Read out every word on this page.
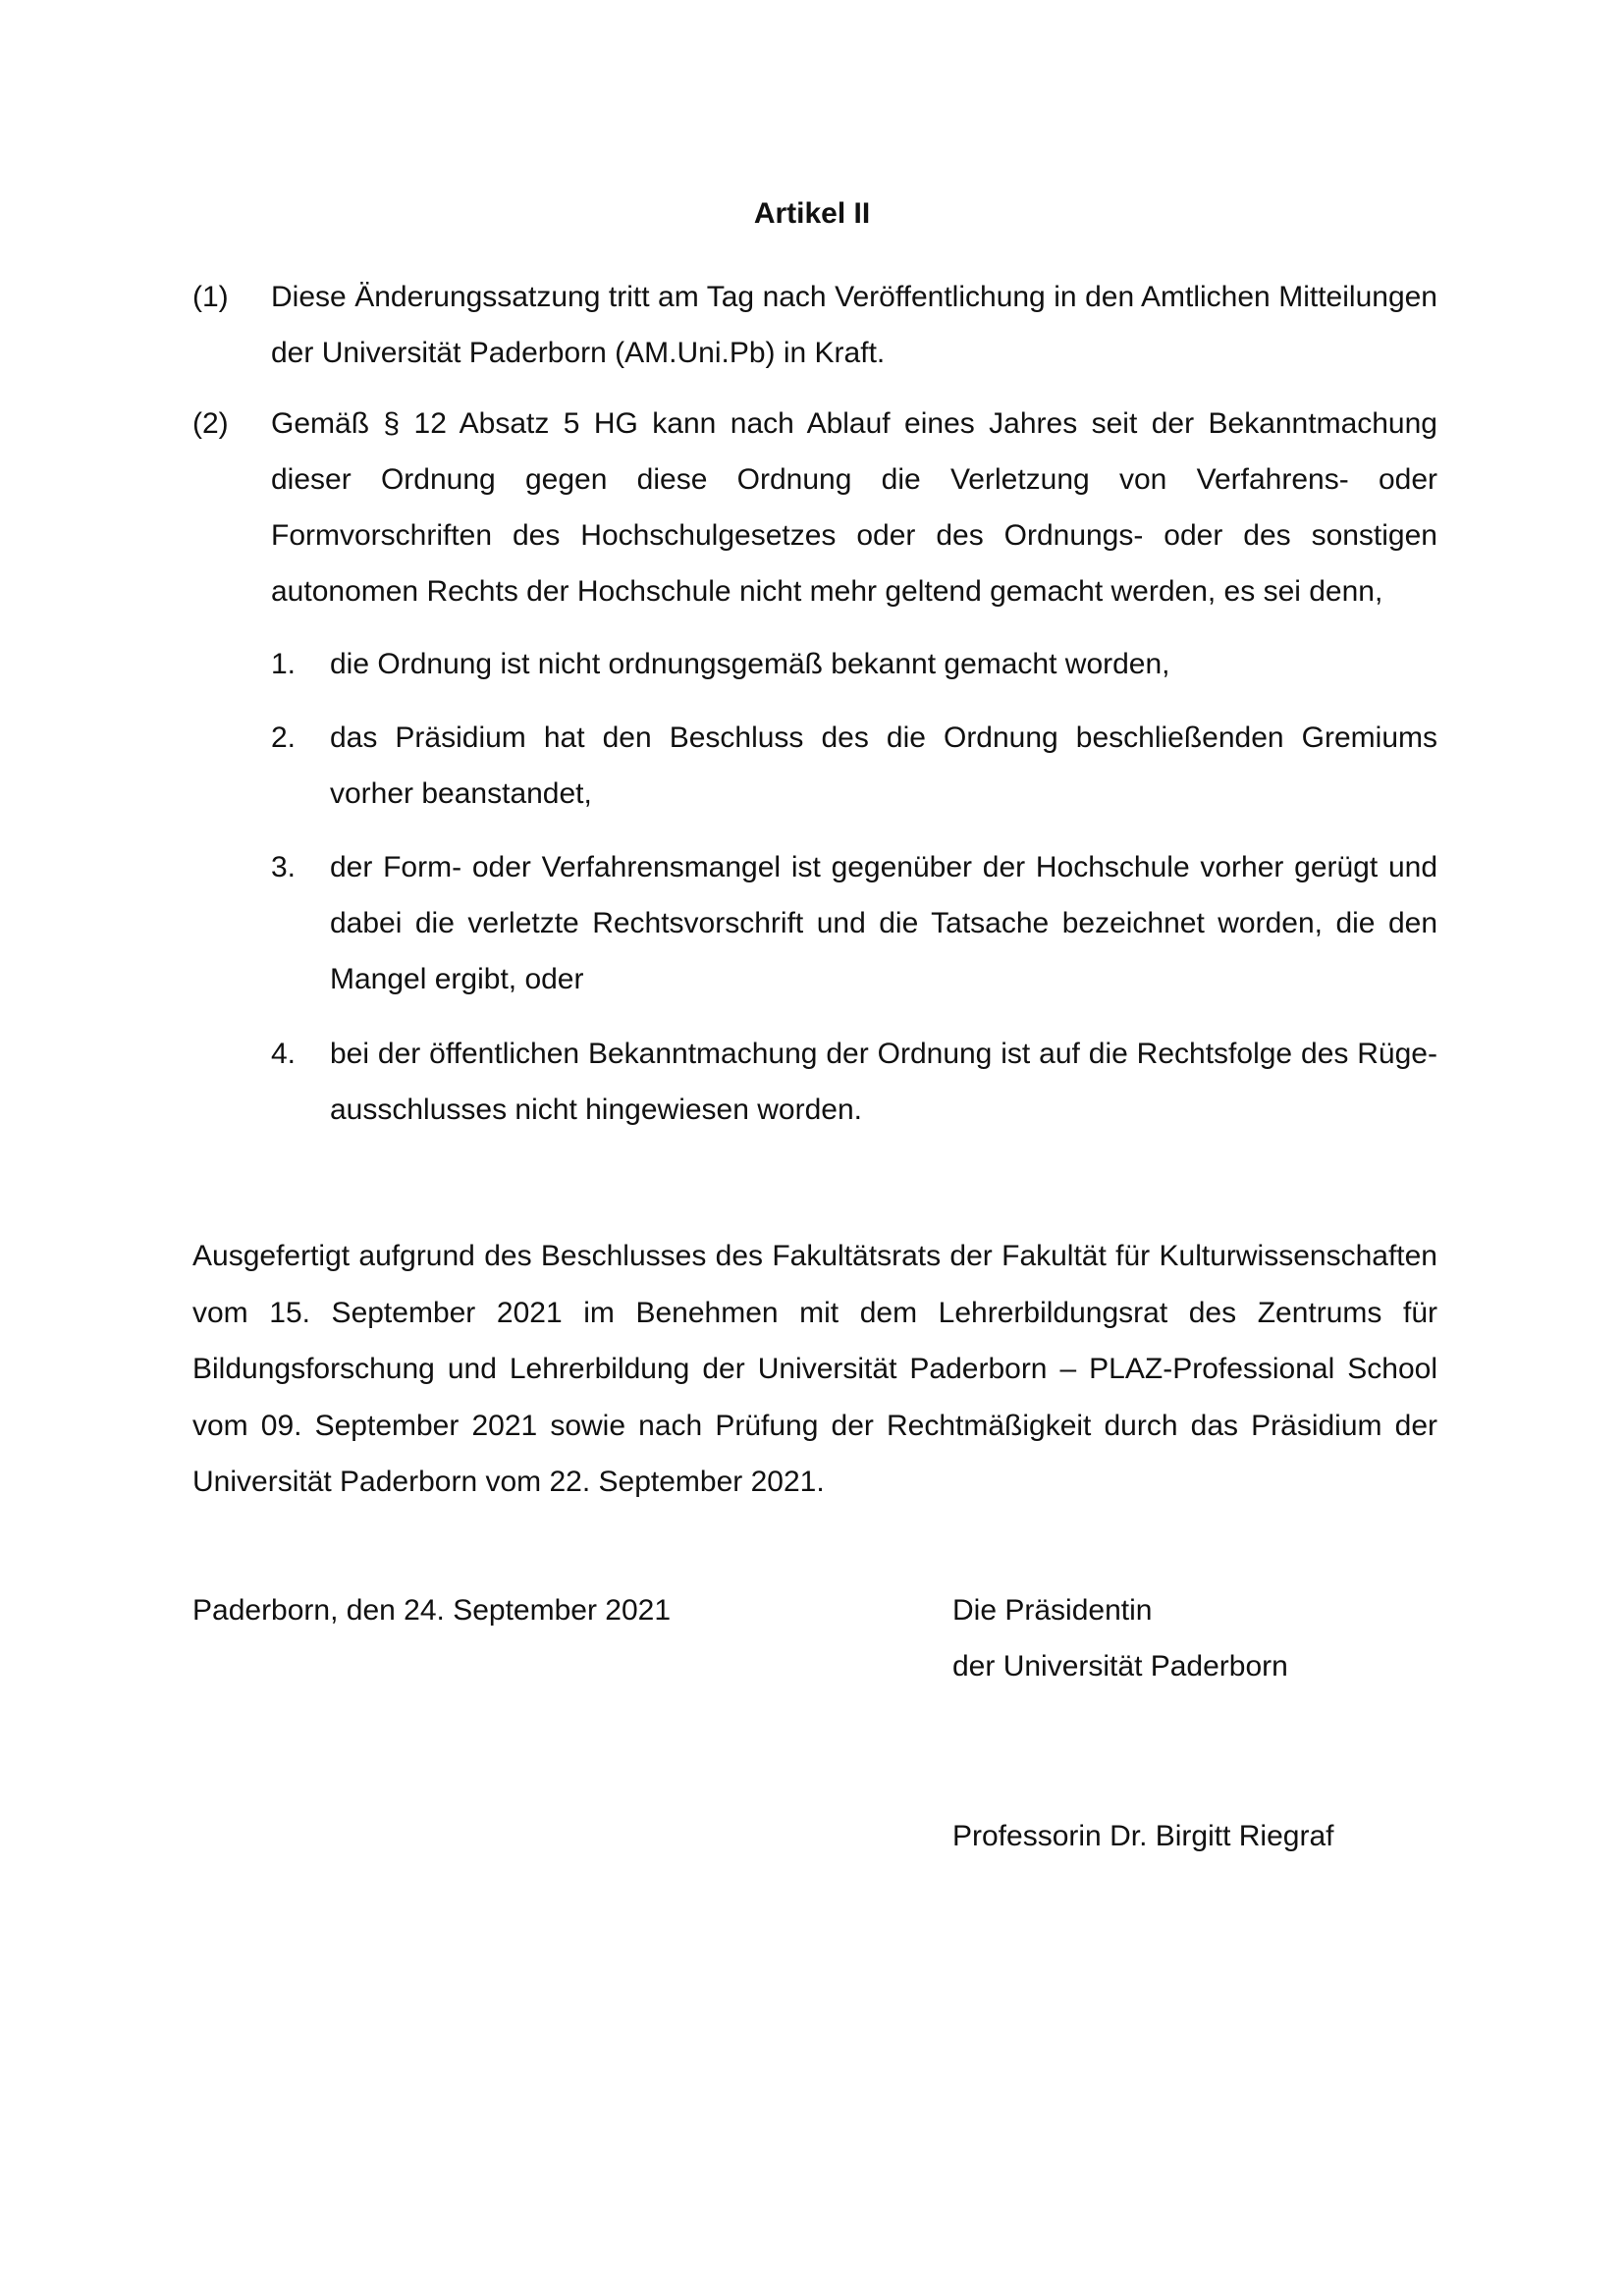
Artikel II
(1) Diese Änderungssatzung tritt am Tag nach Veröffentlichung in den Amtlichen Mitteilungen der Universität Paderborn (AM.Uni.Pb) in Kraft.
(2) Gemäß § 12 Absatz 5 HG kann nach Ablauf eines Jahres seit der Bekanntmachung dieser Ordnung gegen diese Ordnung die Verletzung von Verfahrens- oder Formvorschriften des Hochschulgesetzes oder des Ordnungs- oder des sonstigen autonomen Rechts der Hochschule nicht mehr geltend gemacht werden, es sei denn,
1. die Ordnung ist nicht ordnungsgemäß bekannt gemacht worden,
2. das Präsidium hat den Beschluss des die Ordnung beschließenden Gremiums vorher beanstandet,
3. der Form- oder Verfahrensmangel ist gegenüber der Hochschule vorher gerügt und dabei die verletzte Rechtsvorschrift und die Tatsache bezeichnet worden, die den Mangel ergibt, oder
4. bei der öffentlichen Bekanntmachung der Ordnung ist auf die Rechtsfolge des Rügeausschlusses nicht hingewiesen worden.
Ausgefertigt aufgrund des Beschlusses des Fakultätsrats der Fakultät für Kulturwissenschaften vom 15. September 2021 im Benehmen mit dem Lehrerbildungsrat des Zentrums für Bildungsforschung und Lehrerbildung der Universität Paderborn – PLAZ-Professional School vom 09. September 2021 sowie nach Prüfung der Rechtmäßigkeit durch das Präsidium der Universität Paderborn vom 22. September 2021.
Paderborn, den 24. September 2021	Die Präsidentin
der Universität Paderborn
Professorin Dr. Birgitt Riegraf
